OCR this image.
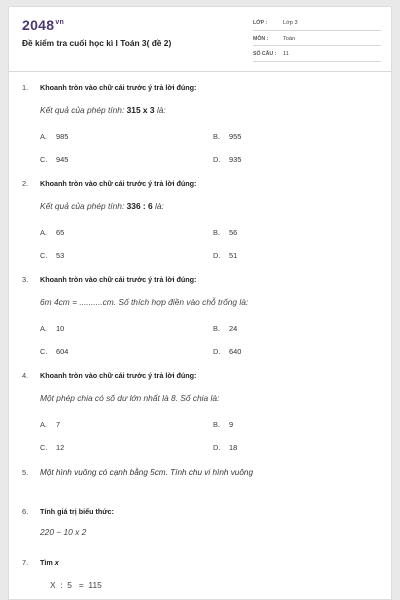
$2048^{vn}$
Đề kiểm tra cuối học kì I Toán 3( đề 2)
LỚP :	Lớp 3
MÔN :	Toán
SỐ CÂU :	11
1. Khoanh tròn vào chữ cái trước ý trả lời đúng:
Kết quả của phép tính: 315 x 3 là:
A. 985	B. 955
C. 945	D. 935
2. Khoanh tròn vào chữ cái trước ý trả lời đúng:
Kết quả của phép tính: 336 : 6 là:
A. 65	B. 56
C. 53	D. 51
3. Khoanh tròn vào chữ cái trước ý trả lời đúng:
6m 4cm = ..........cm. Số thích hợp điền vào chỗ trống là:
A. 10	B. 24
C. 604	D. 640
4. Khoanh tròn vào chữ cái trước ý trả lời đúng:
Một phép chia có số dư lớn nhất là 8. Số chia là:
A. 7	B. 9
C. 12	D. 18
5. Một hình vuông có cạnh bằng 5cm. Tính chu vi hình vuông
6. Tính giá trị biểu thức:
220 − 10 x 2
7. Tìm x
X  :  5   =  115
